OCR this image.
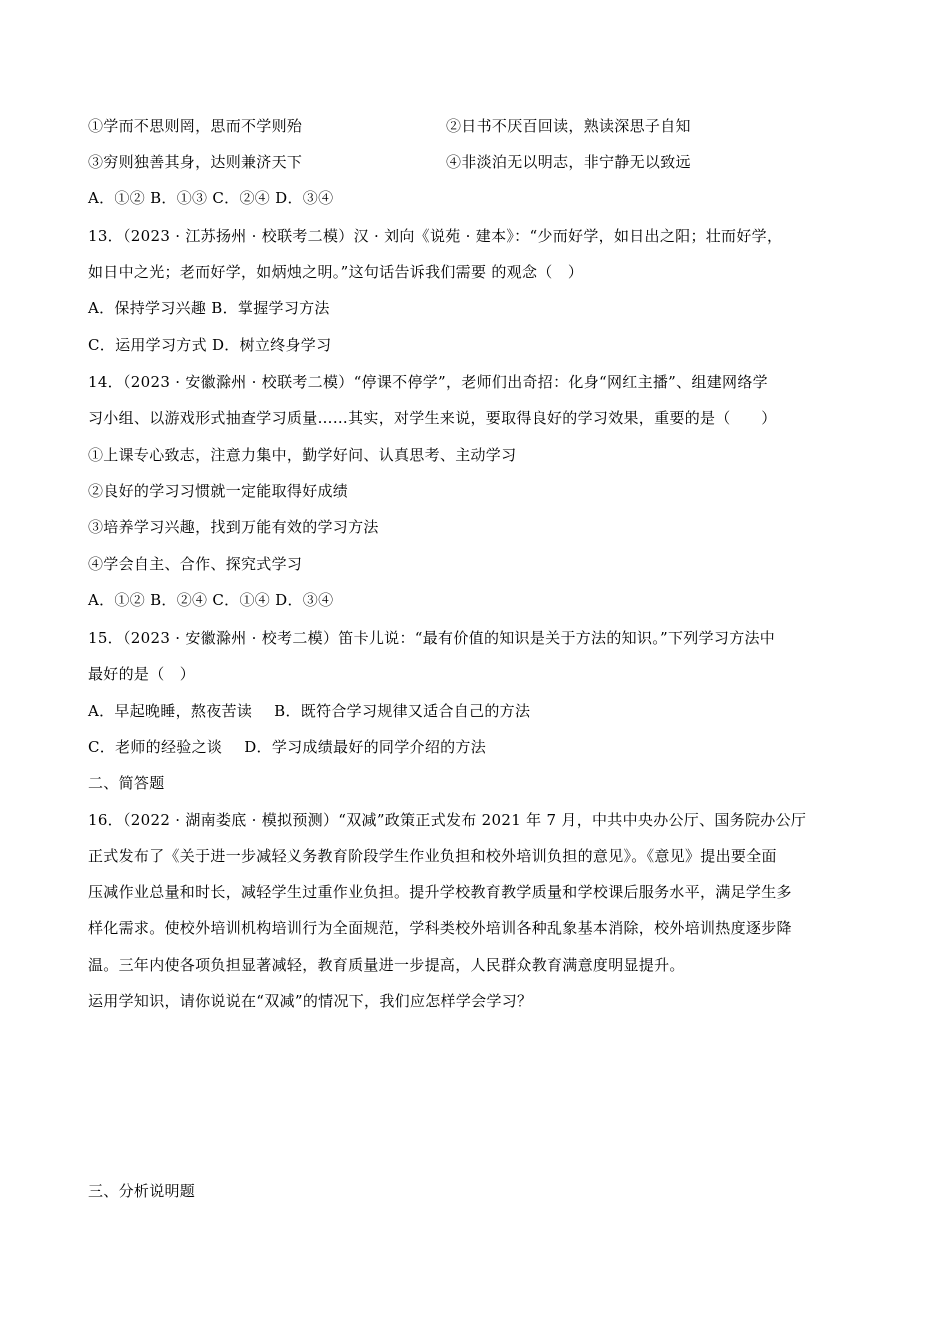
①学而不思则罔，思而不学则殆	②日书不厌百回读，熟读深思子自知
③穷则独善其身，达则兼济天下	④非淡泊无以明志，非宁静无以致远
A．①② B．①③ C．②④ D．③④
13．（2023 · 江苏扬州 · 校联考二模）汉 · 刘向《说苑 · 建本》：“少而好学，如日出之阳；壮而好学，
如日中之光；老而好学，如炳烛之明。”这句话告诉我们需要 的观念（　）
A．保持学习兴趣 B．掌握学习方法
C．运用学习方式 D．树立终身学习
14．（2023 · 安徽滁州 · 校联考二模）“停课不停学”，老师们出奇招：化身“网红主播”、组建网络学
习小组、以游戏形式抽查学习质量……其实，对学生来说，要取得良好的学习效果，重要的是（　　）
①上课专心致志，注意力集中，勤学好问、认真思考、主动学习
②良好的学习习惯就一定能取得好成绩
③培养学习兴趣，找到万能有效的学习方法
④学会自主、合作、探究式学习
A．①② B．②④ C．①④ D．③④
15．（2023 · 安徽滁州 · 校考二模）笛卡儿说：“最有价值的知识是关于方法的知识。”下列学习方法中
最好的是（　）
A．早起晚睡，熬夜苦读 B．既符合学习规律又适合自己的方法
C．老师的经验之谈 D．学习成绩最好的同学介绍的方法
二、简答题
16．（2022 · 湖南娄底 · 模拟预测）“双减”政策正式发布 2021 年 7 月，中共中央办公厅、国务院办公厅
正式发布了《关于进一步减轻义务教育阶段学生作业负担和校外培训负担的意见》。《意见》提出要全面
压减作业总量和时长，减轻学生过重作业负担。提升学校教育教学质量和学校课后服务水平，满足学生多
样化需求。使校外培训机构培训行为全面规范，学科类校外培训各种乱象基本消除，校外培训热度逐步降
温。三年内使各项负担显著减轻，教育质量进一步提高，人民群众教育满意度明显提升。
运用学知识，请你说说在“双减”的情况下，我们应怎样学会学习？
三、分析说明题
